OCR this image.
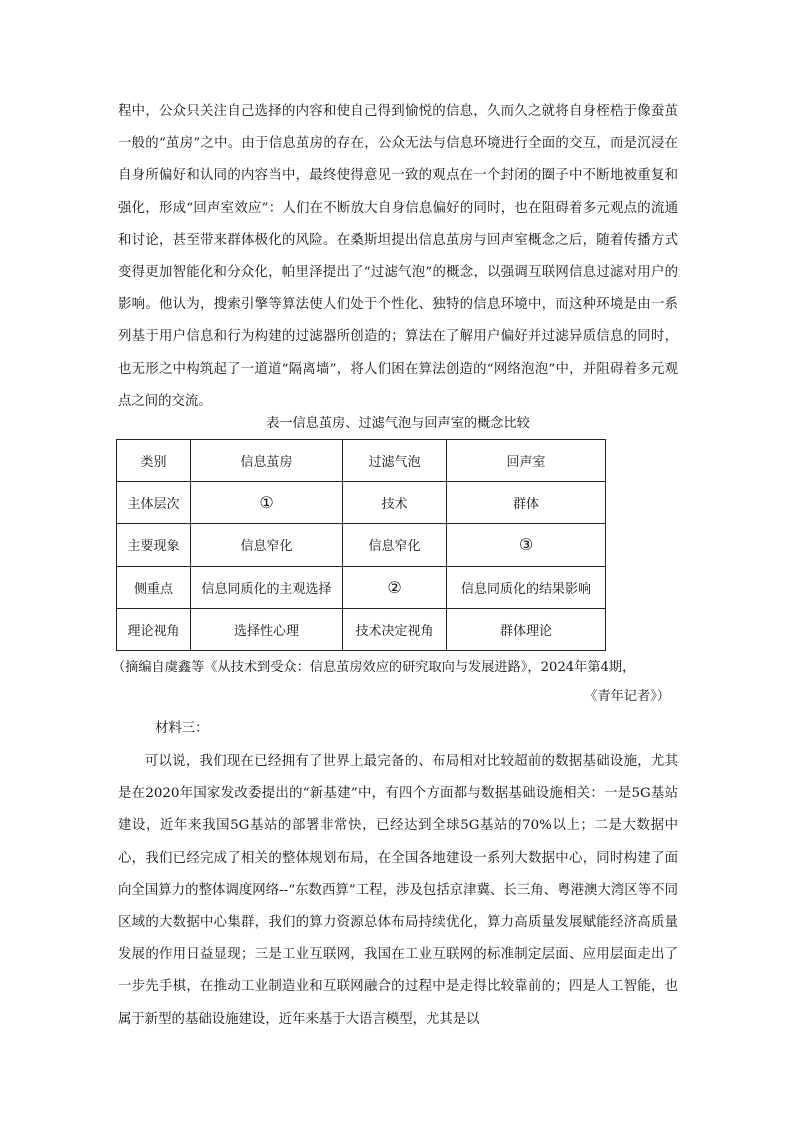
程中，公众只关注自己选择的内容和使自己得到愉悦的信息，久而久之就将自身桎梏于像蚕茧一般的“茧房”之中。由于信息茧房的存在，公众无法与信息环境进行全面的交互，而是沉浸在自身所偏好和认同的内容当中，最终使得意见一致的观点在一个封闭的圈子中不断地被重复和强化，形成“回声室效应”：人们在不断放大自身信息偏好的同时，也在阻碍着多元观点的流通和讨论，甚至带来群体极化的风险。在桑斯坦提出信息茧房与回声室概念之后，随着传播方式变得更加智能化和分众化，帕里泽提出了“过滤气泡”的概念，以强调互联网信息过滤对用户的影响。他认为，搜索引擎等算法使人们处于个性化、独特的信息环境中，而这种环境是由一系列基于用户信息和行为构建的过滤器所创造的；算法在了解用户偏好并过滤异质信息的同时，也无形之中构筑起了一道道“隔离墙”，将人们困在算法创造的“网络泡泡”中，并阻碍着多元观点之间的交流。

表一信息茧房、过滤气泡与回声室的概念比较
类别	信息茧房	过滤气泡	回声室
主体层次	①	技术	群体
主要现象	信息窄化	信息窄化	③
侧重点	信息同质化的主观选择	②	信息同质化的结果影响
理论视角	选择性心理	技术决定视角	群体理论
（摘编自虞鑫等《从技术到受众：信息茧房效应的研究取向与发展进路》，2024年第4期，
《青年记者》）

材料三：

可以说，我们现在已经拥有了世界上最完备的、布局相对比较超前的数据基础设施，尤其是在2020年国家发改委提出的“新基建”中，有四个方面都与数据基础设施相关：一是5G基站建设，近年来我国5G基站的部署非常快，已经达到全球5G基站的70%以上；二是大数据中心，我们已经完成了相关的整体规划布局，在全国各地建设一系列大数据中心，同时构建了面向全国算力的整体调度网络--“东数西算”工程，涉及包括京津冀、长三角、粤港澳大湾区等不同区域的大数据中心集群，我们的算力资源总体布局持续优化，算力高质量发展赋能经济高质量发展的作用日益显现；三是工业互联网，我国在工业互联网的标准制定层面、应用层面走出了一步先手棋，在推动工业制造业和互联网融合的过程中是走得比较靠前的；四是人工智能，也属于新型的基础设施建设，近年来基于大语言模型，尤其是以
